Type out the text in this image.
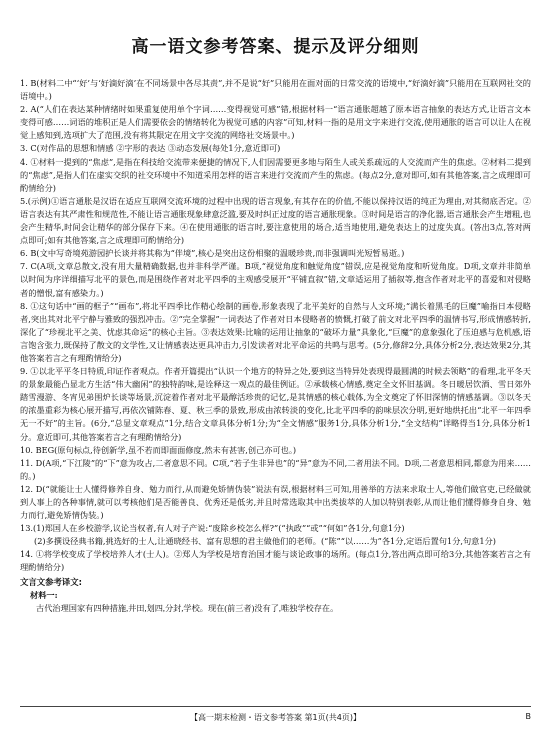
高一语文参考答案、提示及评分细则

1. B(材料二中“‘好’与‘好滴好滴’在不同场景中各尽其责”,并不是说“好”只能用在面对面的日常交流的语境中,“好滴好滴”只能用在互联网社交的语境中。)

2. A(“人们在表达某种情绪时如果重复使用单个字词……变得视觉可感”错,根据材料一“语言通胀超越了原本语言抽象的表达方式,让语言文本变得可感……词语的堆积正是人们需要依会的情绪转化为视觉可感的内容”可知,材料一指的是用文字来进行交流,使用通胀的语言可以让人在视觉上感知到,选项扩大了范围,没有将其限定在用文字交流的网络社交场景中。)

3. C(对作品的思想和情感 ②字形的表达 ③动态发展(每处1分,意近即可)

4. ①材料一提到的“焦虑”,是指在科技给交流带来便捷的情况下,人们因需要更多地与陌生人或关系疏远的人交流而产生的焦虑。②材料二提到的“焦虑”,是指人们在虚实交织的社交环境中不知道采用怎样的语言来进行交流而产生的焦虑。(每点2分,意对即可,如有其他答案,言之成理即可酌情给分)

5.(示例)①语言通胀是汉语在适应互联网交流环境的过程中出现的语言现象,有其存在的价值,不能以保持汉语的纯正为理由,对其彻底否定。②语言表达有其严肃性和规范性,不能让语言通胀现象肆意泛滥,要及时纠正过度的语言通胀现象。③时间是语言的净化器,语言通胀会产生增粗,也会产生精华,时间会让精华的部分保存下来。④在使用通胀的语言时,要注意使用的场合,适当地使用,避免表达上的过度失真。(答出3点,答对两点即可;如有其他答案,言之成理即可酌情给分)

6. B(文中写奇境苑游园护长谈并将其称为“伴境”,核心是突出这份相聚的温暖珍贵,而非强调叫光短暂易逝。)

7. C(A项,文章总散文,没有用大量精确数据,也并非科学严谨。B项,“视觉角度和触觉角度”错误,应是视觉角度和听觉角度。D项,文章并非简单以时间为序详细描写北平的景色,而是围绕作者对北平四季的主观感受展开“平铺直叙”错,文章适运用了插叙等,抱含作者对北平的喜爱和对侵略者的憎恨,富有感染力。)

8. ①这句话中“画的框子”“画布”,将北平四季比作精心绘制的画卷,形象表现了北平美好的自然与人文环境;“满长着黑毛的巨魔”喻指日本侵略者,突出其对北平宁静与雅致的强烈冲击。②“完全掌握”一词表达了作者对日本侵略者的愤慨,打破了前文对北平四季的温情书写,形成情感转折,深化了“珍视北平之美、忧虑其命运”的核心主旨。③表达效果:比喻的运用让抽象的“破坏力量”具象化,“巨魔”的意象强化了压迫感与危机感,语言饱含张力,既保持了散文的文学性,又让情感表达更具冲击力,引发读者对北平命运的共鸣与思考。(5分,修辞2分,具体分析2分,表达效果2分,其他答案若言之有理酌情给分)

9. ①以北平平冬日特质,印证作者观点。作者开篇提出“认识一个地方的特异之处,要到这当特异处表现得最圆满的时候去领略”的看理,北平冬天的景象最能凸显北方生活“伟大幽闲”的独特韵味,是诠释这一观点的最佳例证。②承载核心情感,奠定全文怀旧基调。冬日暖居饮酒、雪日郊外踏雪漫游、冬宵见弟围炉长谈等场景,沉淀着作者对北平最醇活珍贵的记忆,是其情感的核心载体,为全文奠定了怀旧深情的情感基调。③以冬天的浓墨重彩为核心展开描写,再依次铺陈春、夏、秋三季的景致,形成由浓转淡的变化,比北平四季的韵味层次分明,更好地烘托出“北平一年四季无一不好”的主旨。(6分,“总显文章观点”1分,结合文章具体分析1分;为“全文情感”服务1分,具体分析1分,“全文结构”详略得当1分,具体分析1分。意近即可,其他答案若言之有理酌情给分)

10. BEG(原句标点,待创新学,虽不若而即面面修度,然未有甚害,创己亦可也。)

11. D(A项,“下江陵”的“下”意为攻占,二者意思不同。C项,“若子生非异也”的“异”意为不同,二者用法不同。D项,二者意思相同,都意为用来……的。)

12. D(“就能让士人懂得修养自身、勉力而行,从而避免矫情伪装”说法有误,根据材料三可知,用善举的方法来求取士人,等他们做官吏,已经做就到人事上的各种事情,就可以考核他们是否能善良、优秀还是低劣,并且时常选取其中出类拔萃的人加以特别表彰,从而让他们懂得修身自身、勉力而行,避免矫情伪装。)

13.(1)郑国人在乡校游学,议论当权者,有人对子产说:“废除乡校怎么样?”(“执政”“或”“何如”各1分,句意1分)

(2)多撰设径典书籍,挑选好的士人,让通晓经书、富有思想的君主做他们的老师。(“陈”“以……为”各1分,定语后置句1分,句意1分)

14. ①将学校变成了学校培养人才(士人)。②郑人为学校是培育治国才能与谈论政事的场所。(每点1分,答出两点即可给3分,其他答案若言之有理酌情给分)

文言文参考译文:
材料一:
古代治理国家有四种措施,井田,划四,分封,学校。现在(前三者)没有了,唯独学校存在。
【高一期末检测・语文参考答案 第1页(共4页)】	B
